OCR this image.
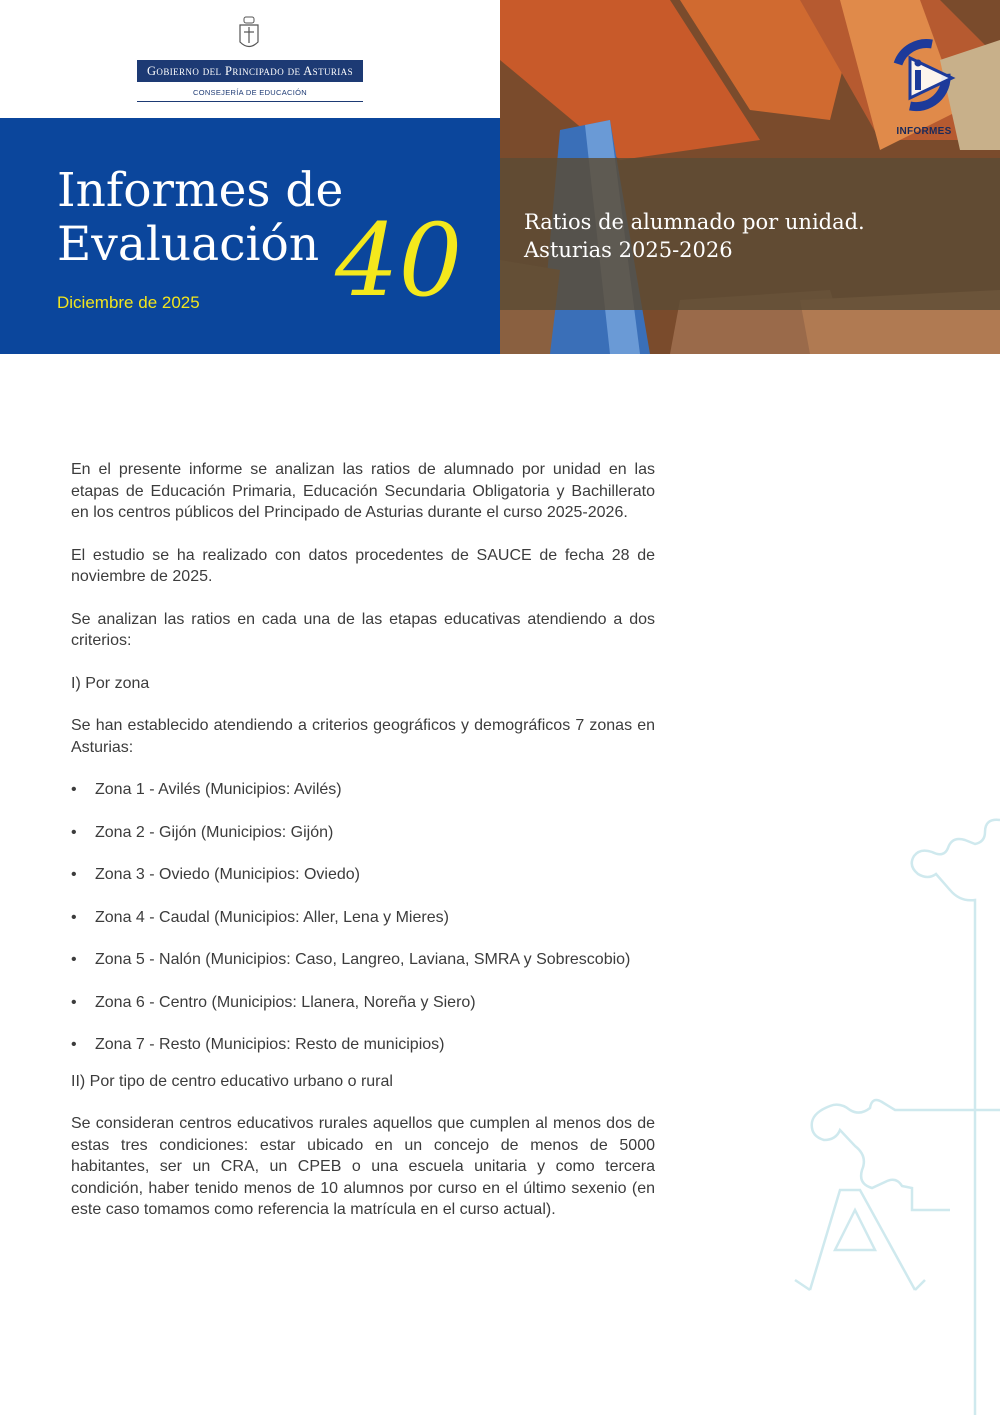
Gobierno del Principado de Asturias
CONSEJERÍA DE EDUCACIÓN
Informes de
Evaluación 40
Diciembre de 2025
Ratios de alumnado por unidad.
Asturias 2025-2026
INFORMES

En el presente informe se analizan las ratios de alumnado por unidad en las etapas de Educación Primaria, Educación Secundaria Obligatoria y Bachillerato en los centros públicos del Principado de Asturias durante el curso 2025-2026.

El estudio se ha realizado con datos procedentes de SAUCE de fecha 28 de noviembre de 2025.

Se analizan las ratios en cada una de las etapas educativas atendiendo a dos criterios:

I) Por zona

Se han establecido atendiendo a criterios geográficos y demográficos 7 zonas en Asturias:

• Zona 1 - Avilés (Municipios: Avilés)
• Zona 2 - Gijón (Municipios: Gijón)
• Zona 3 - Oviedo (Municipios: Oviedo)
• Zona 4 - Caudal (Municipios: Aller, Lena y Mieres)
• Zona 5 - Nalón (Municipios: Caso, Langreo, Laviana, SMRA y Sobrescobio)
• Zona 6 - Centro (Municipios: Llanera, Noreña y Siero)
• Zona 7 - Resto (Municipios: Resto de municipios)

II) Por tipo de centro educativo urbano o rural

Se consideran centros educativos rurales aquellos que cumplen al menos dos de estas tres condiciones: estar ubicado en un concejo de menos de 5000 habitantes, ser un CRA, un CPEB o una escuela unitaria y como tercera condición, haber tenido menos de 10 alumnos por curso en el último sexenio (en este caso tomamos como referencia la matrícula en el curso actual).
